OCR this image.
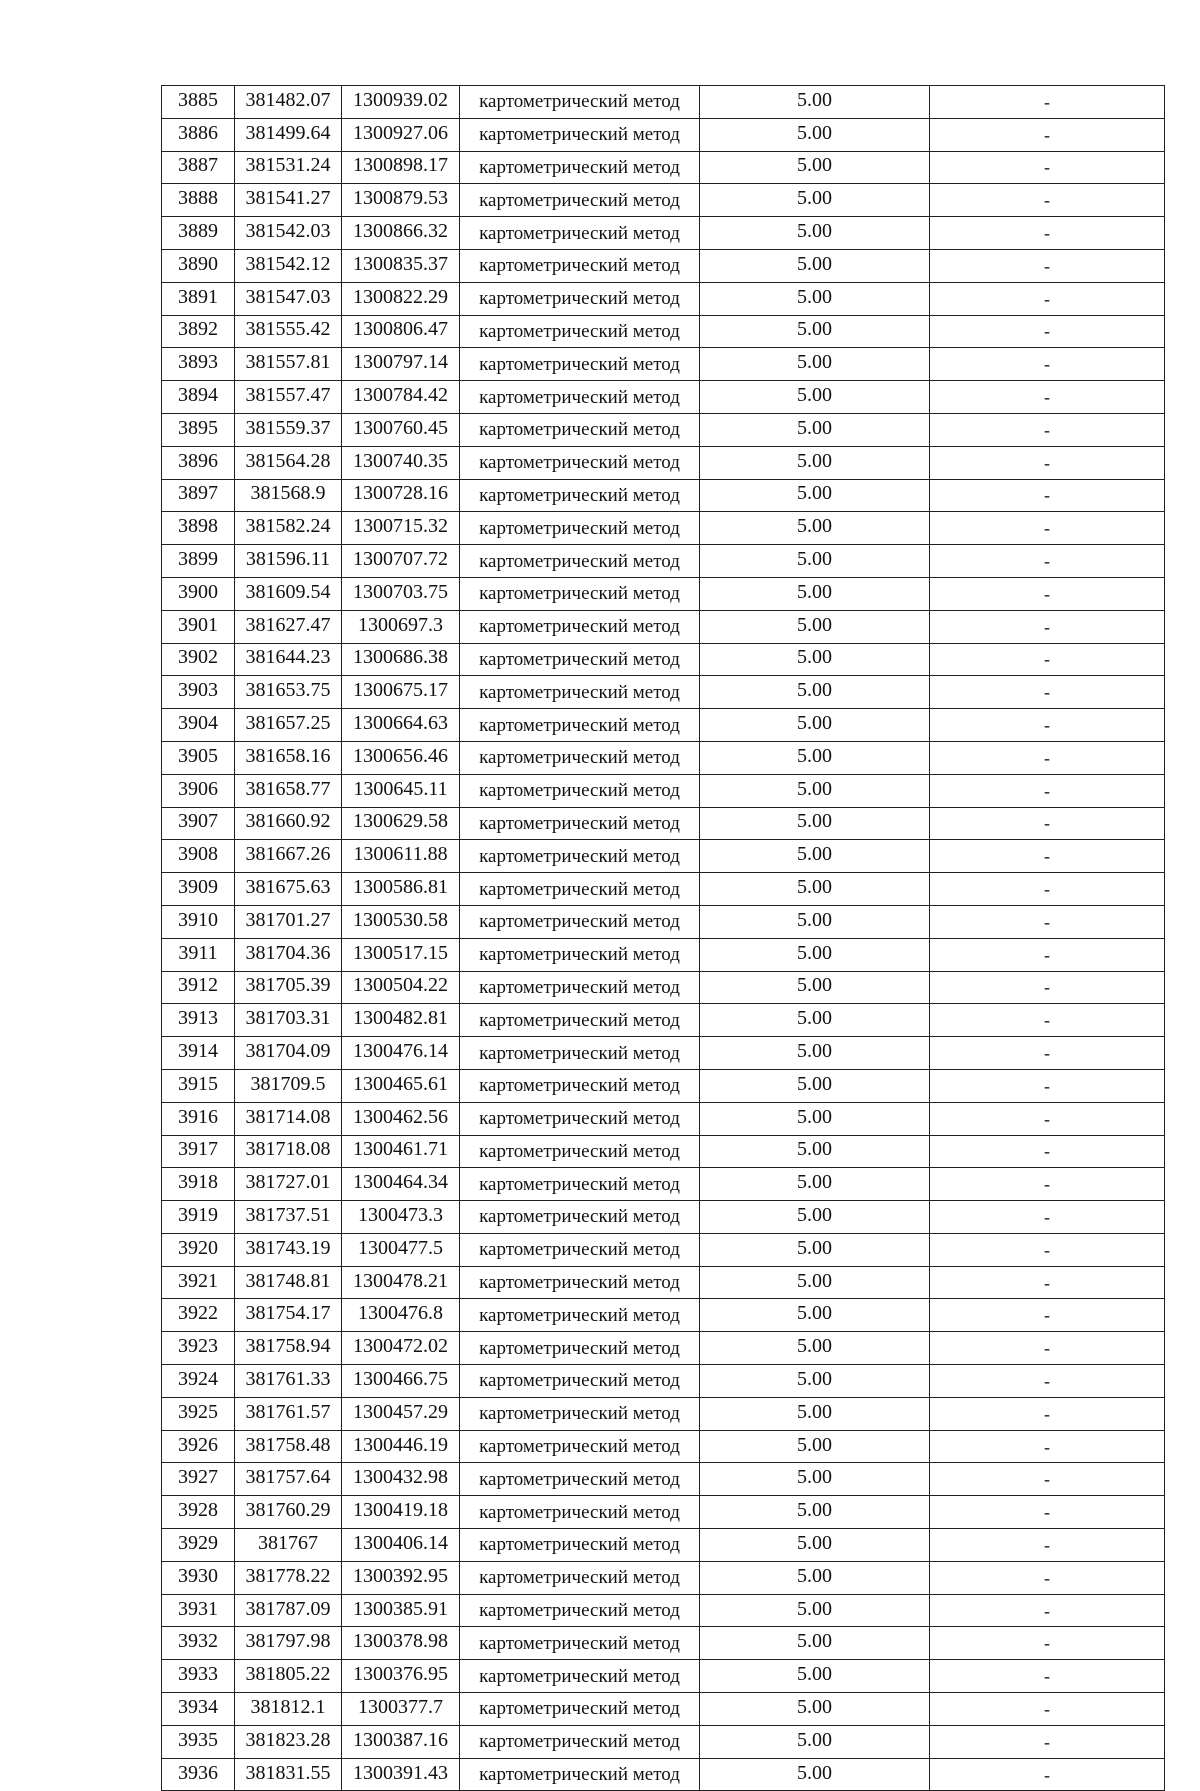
3885	381482.07	1300939.02	картометрический метод	5.00	-
3886	381499.64	1300927.06	картометрический метод	5.00	-
3887	381531.24	1300898.17	картометрический метод	5.00	-
3888	381541.27	1300879.53	картометрический метод	5.00	-
3889	381542.03	1300866.32	картометрический метод	5.00	-
3890	381542.12	1300835.37	картометрический метод	5.00	-
3891	381547.03	1300822.29	картометрический метод	5.00	-
3892	381555.42	1300806.47	картометрический метод	5.00	-
3893	381557.81	1300797.14	картометрический метод	5.00	-
3894	381557.47	1300784.42	картометрический метод	5.00	-
3895	381559.37	1300760.45	картометрический метод	5.00	-
3896	381564.28	1300740.35	картометрический метод	5.00	-
3897	381568.9	1300728.16	картометрический метод	5.00	-
3898	381582.24	1300715.32	картометрический метод	5.00	-
3899	381596.11	1300707.72	картометрический метод	5.00	-
3900	381609.54	1300703.75	картометрический метод	5.00	-
3901	381627.47	1300697.3	картометрический метод	5.00	-
3902	381644.23	1300686.38	картометрический метод	5.00	-
3903	381653.75	1300675.17	картометрический метод	5.00	-
3904	381657.25	1300664.63	картометрический метод	5.00	-
3905	381658.16	1300656.46	картометрический метод	5.00	-
3906	381658.77	1300645.11	картометрический метод	5.00	-
3907	381660.92	1300629.58	картометрический метод	5.00	-
3908	381667.26	1300611.88	картометрический метод	5.00	-
3909	381675.63	1300586.81	картометрический метод	5.00	-
3910	381701.27	1300530.58	картометрический метод	5.00	-
3911	381704.36	1300517.15	картометрический метод	5.00	-
3912	381705.39	1300504.22	картометрический метод	5.00	-
3913	381703.31	1300482.81	картометрический метод	5.00	-
3914	381704.09	1300476.14	картометрический метод	5.00	-
3915	381709.5	1300465.61	картометрический метод	5.00	-
3916	381714.08	1300462.56	картометрический метод	5.00	-
3917	381718.08	1300461.71	картометрический метод	5.00	-
3918	381727.01	1300464.34	картометрический метод	5.00	-
3919	381737.51	1300473.3	картометрический метод	5.00	-
3920	381743.19	1300477.5	картометрический метод	5.00	-
3921	381748.81	1300478.21	картометрический метод	5.00	-
3922	381754.17	1300476.8	картометрический метод	5.00	-
3923	381758.94	1300472.02	картометрический метод	5.00	-
3924	381761.33	1300466.75	картометрический метод	5.00	-
3925	381761.57	1300457.29	картометрический метод	5.00	-
3926	381758.48	1300446.19	картометрический метод	5.00	-
3927	381757.64	1300432.98	картометрический метод	5.00	-
3928	381760.29	1300419.18	картометрический метод	5.00	-
3929	381767	1300406.14	картометрический метод	5.00	-
3930	381778.22	1300392.95	картометрический метод	5.00	-
3931	381787.09	1300385.91	картометрический метод	5.00	-
3932	381797.98	1300378.98	картометрический метод	5.00	-
3933	381805.22	1300376.95	картометрический метод	5.00	-
3934	381812.1	1300377.7	картометрический метод	5.00	-
3935	381823.28	1300387.16	картометрический метод	5.00	-
3936	381831.55	1300391.43	картометрический метод	5.00	-
